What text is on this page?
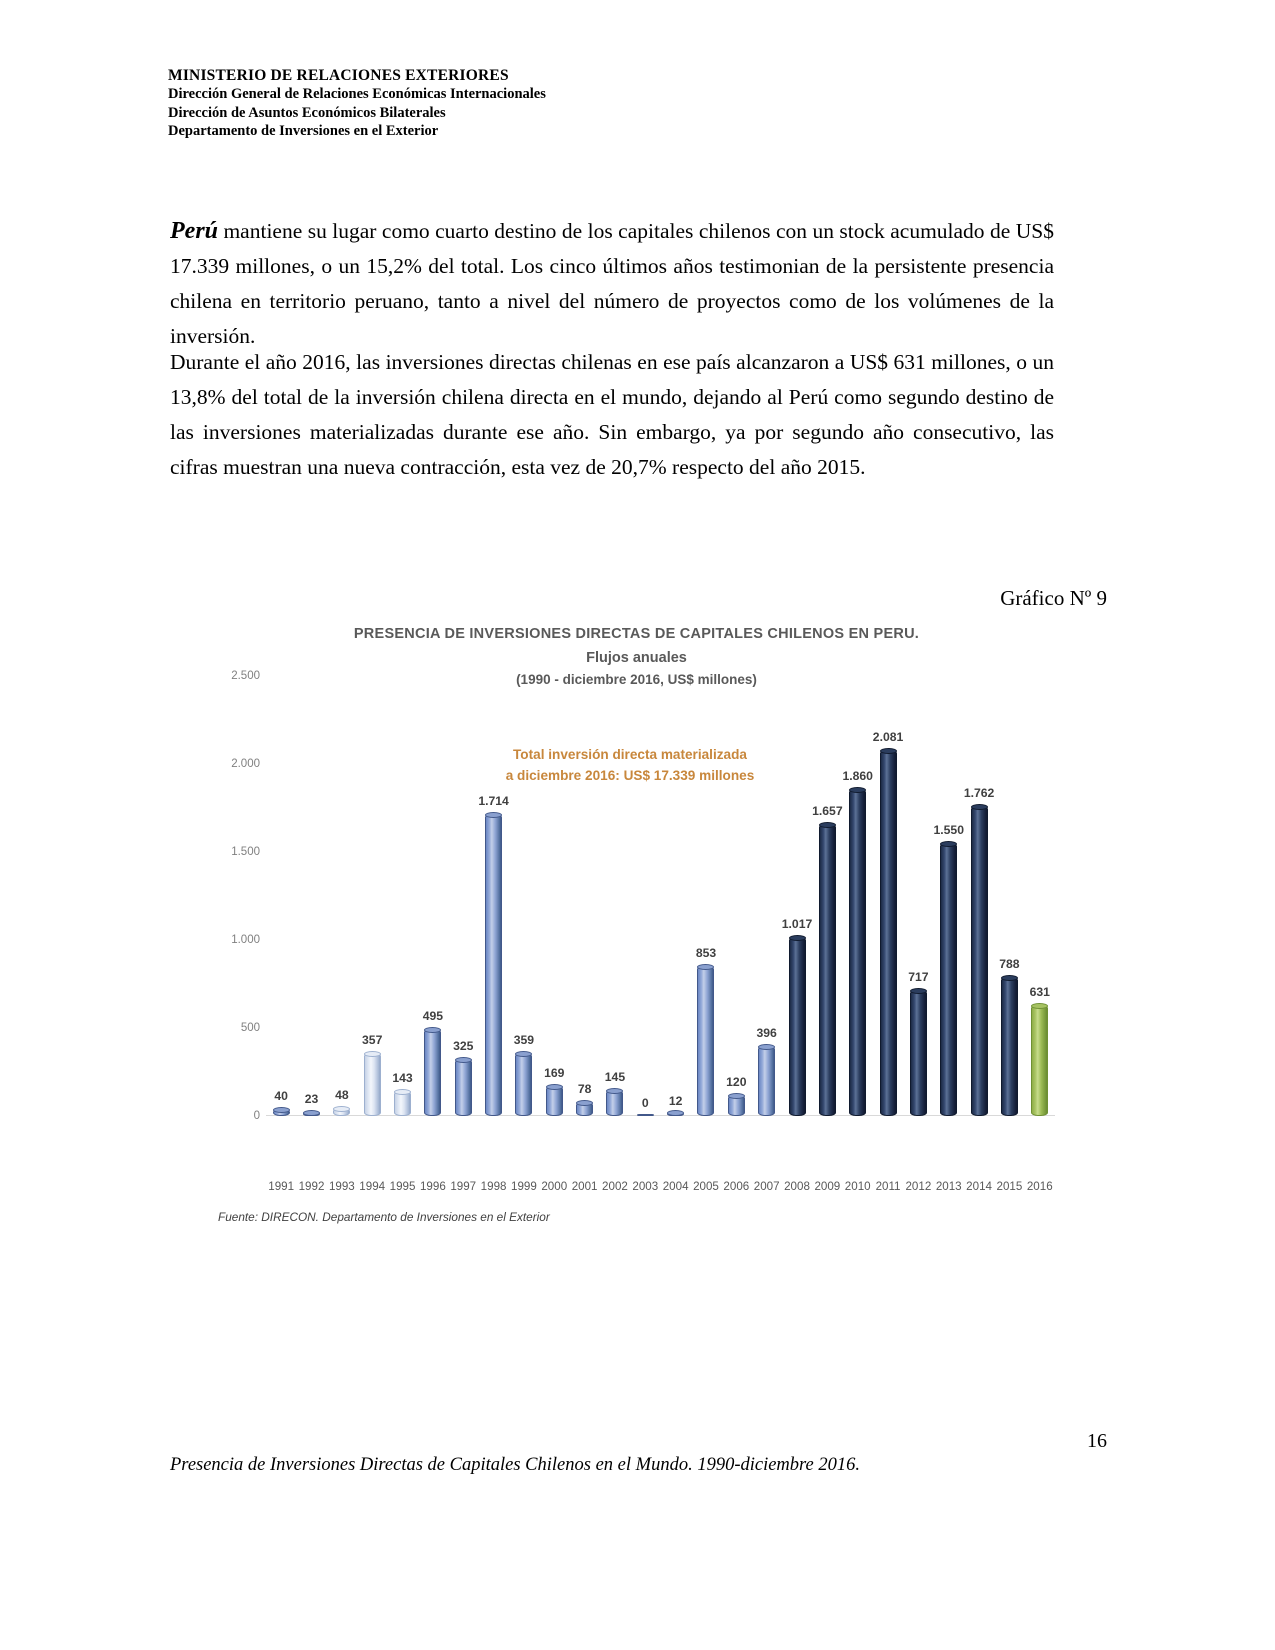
MINISTERIO DE RELACIONES EXTERIORES
Dirección General de Relaciones Económicas Internacionales
Dirección de Asuntos Económicos Bilaterales
Departamento de Inversiones en el Exterior
Perú mantiene su lugar como cuarto destino de los capitales chilenos con un stock acumulado de US$ 17.339 millones, o un 15,2% del total. Los cinco últimos años testimonian de la persistente presencia chilena en territorio peruano, tanto a nivel del número de proyectos como de los volúmenes de la inversión.
Durante el año 2016, las inversiones directas chilenas en ese país alcanzaron a US$ 631 millones, o un 13,8% del total de la inversión chilena directa en el mundo, dejando al Perú como segundo destino de las inversiones materializadas durante ese año. Sin embargo, ya por segundo año consecutivo, las cifras muestran una nueva contracción, esta vez de 20,7% respecto del año 2015.
Gráfico Nº 9
PRESENCIA DE INVERSIONES DIRECTAS DE CAPITALES CHILENOS EN PERU.
Flujos anuales
(1990 - diciembre 2016, US$ millones)
Total inversión directa materializada
a diciembre 2016: US$ 17.339 millones
0
500
1.000
1.500
2.000
2.500
40 23 48
357
143
495
325
1.714
359
169
78
145
0 12
853
120
396
1.017
1.657
1.860
2.081
717
1.550
1.762
788
631
1991 1992 1993 1994 1995 1996 1997 1998 1999 2000 2001 2002 2003 2004 2005 2006 2007 2008 2009 2010 2011 2012 2013 2014 2015 2016
Fuente: DIRECON. Departamento de Inversiones en el Exterior
16
Presencia de Inversiones Directas de Capitales Chilenos en el Mundo. 1990-diciembre 2016.
